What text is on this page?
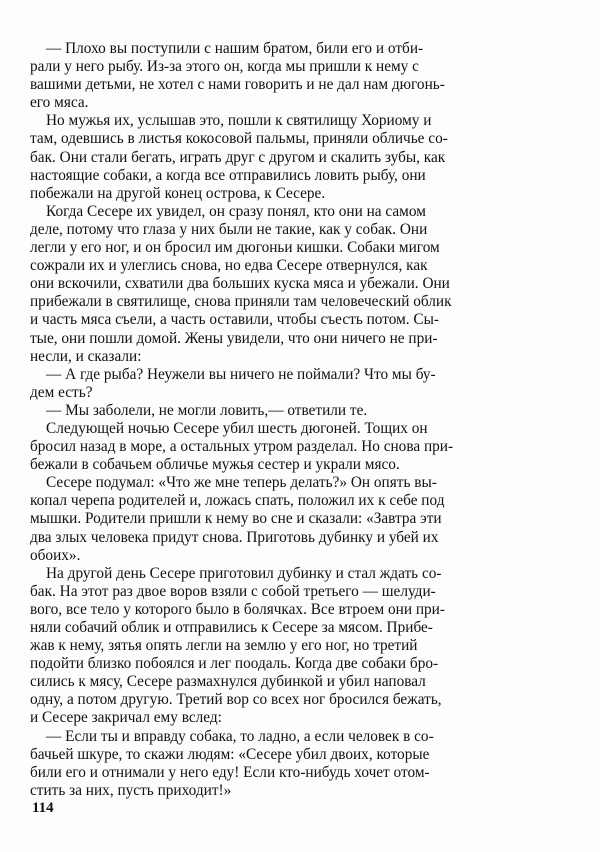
— Плохо вы поступили с нашим братом, били его и отби-
рали у него рыбу. Из-за этого он, когда мы пришли к нему с
вашими детьми, не хотел с нами говорить и не дал нам дюгонь-
его мяса.
Но мужья их, услышав это, пошли к святилищу Хориому и
там, одевшись в листья кокосовой пальмы, приняли обличье со-
бак. Они стали бегать, играть друг с другом и скалить зубы, как
настоящие собаки, а когда все отправились ловить рыбу, они
побежали на другой конец острова, к Сесере.
Когда Сесере их увидел, он сразу понял, кто они на самом
деле, потому что глаза у них были не такие, как у собак. Они
легли у его ног, и он бросил им дюгоньи кишки. Собаки мигом
сожрали их и улеглись снова, но едва Сесере отвернулся, как
они вскочили, схватили два больших куска мяса и убежали. Они
прибежали в святилище, снова приняли там человеческий облик
и часть мяса съели, а часть оставили, чтобы съесть потом. Сы-
тые, они пошли домой. Жены увидели, что они ничего не при-
несли, и сказали:
— А где рыба? Неужели вы ничего не поймали? Что мы бу-
дем есть?
— Мы заболели, не могли ловить,— ответили те.
Следующей ночью Сесере убил шесть дюгоней. Тощих он
бросил назад в море, а остальных утром разделал. Но снова при-
бежали в собачьем обличье мужья сестер и украли мясо.
Сесере подумал: «Что же мне теперь делать?» Он опять вы-
копал черепа родителей и, ложась спать, положил их к себе под
мышки. Родители пришли к нему во сне и сказали: «Завтра эти
два злых человека придут снова. Приготовь дубинку и убей их
обоих».
На другой день Сесере приготовил дубинку и стал ждать со-
бак. На этот раз двое воров взяли с собой третьего — шелуди-
вого, все тело у которого было в болячках. Все втроем они при-
няли собачий облик и отправились к Сесере за мясом. Прибе-
жав к нему, зятья опять легли на землю у его ног, но третий
подойти близко побоялся и лег поодаль. Когда две собаки бро-
сились к мясу, Сесере размахнулся дубинкой и убил наповал
одну, а потом другую. Третий вор со всех ног бросился бежать,
и Сесере закричал ему вслед:
— Если ты и вправду собака, то ладно, а если человек в со-
бачьей шкуре, то скажи людям: «Сесере убил двоих, которые
били его и отнимали у него еду! Если кто-нибудь хочет отом-
стить за них, пусть приходит!»
114
